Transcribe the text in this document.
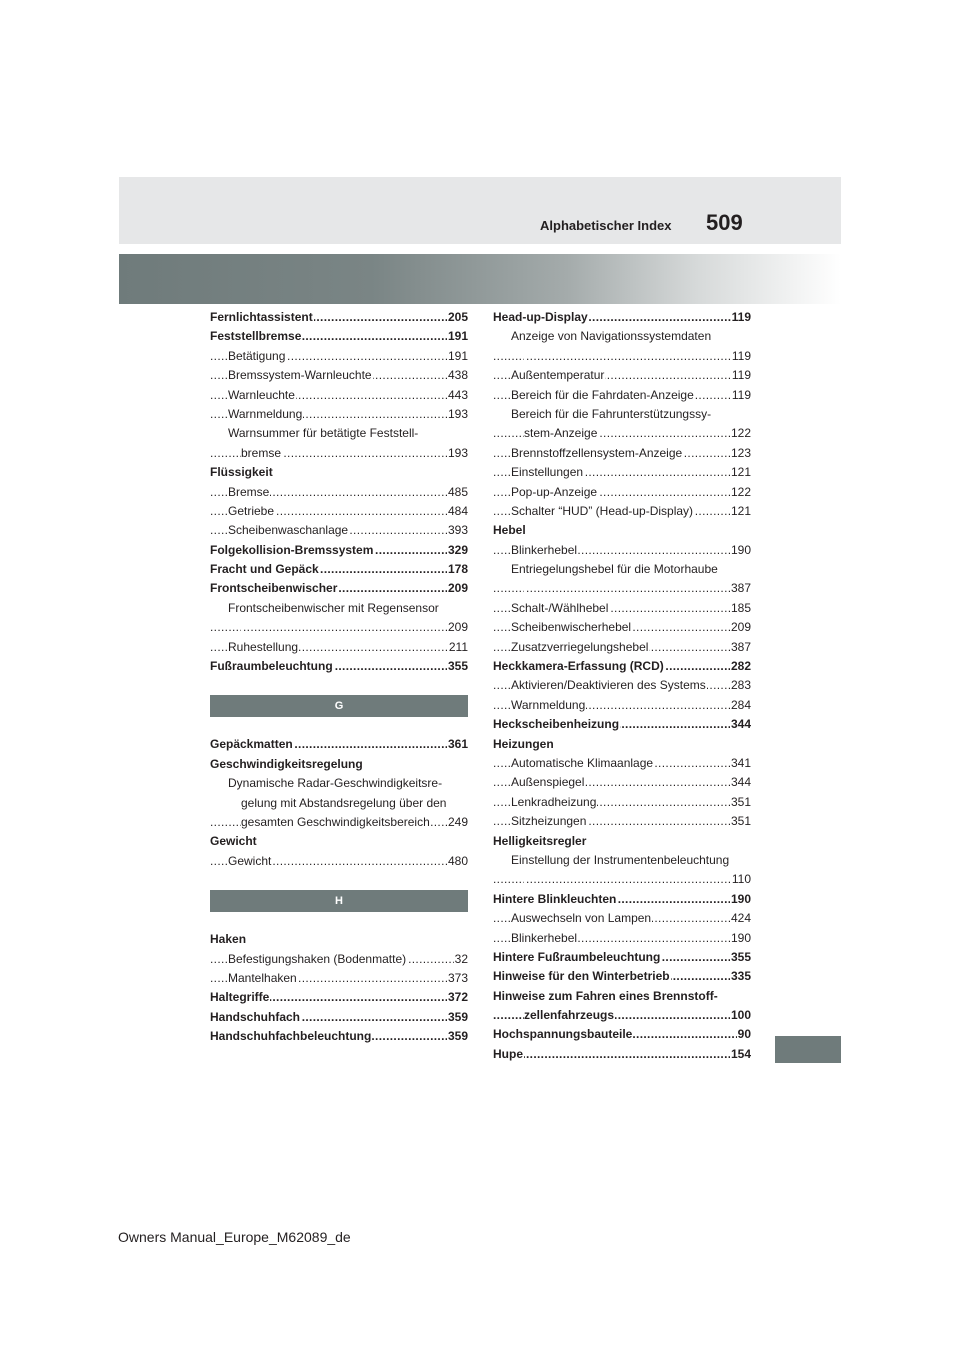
Alphabetischer Index 509
Fernlichtassistent	205
. . .
Feststellbremse	191
. . .
Betätigung	191
. . .
Bremssystem-Warnleuchte	438
. . .
Warnleuchte	443
. . .
Warnmeldung	193
. . .
Warnsummer für betätigte Feststell-
bremse	193
. . .
Flüssigkeit
Bremse	485
. . .
Getriebe	484
. . .
Scheibenwaschanlage	393
. . .
Folgekollision-Bremssystem	329
. . .
Fracht und Gepäck	178
. . .
Frontscheibenwischer	209
. . .
Frontscheibenwischer mit Regensensor
209
. . .
Ruhestellung	211
. . .
Fußraumbeleuchtung	355
. . .
G
Gepäckmatten	361
. . .
Geschwindigkeitsregelung
Dynamische Radar-Geschwindigkeitsre-
gelung mit Abstandsregelung über den
gesamten Geschwindigkeitsbereich 249
. . .
Gewicht
Gewicht	480
. . .
H
Haken
Befestigungshaken (Bodenmatte)	32
. . .
Mantelhaken	373
. . .
Haltegriffe	372
. . .
Handschuhfach	359
. . .
Handschuhfachbeleuchtung	359
. . .
Head-up-Display	119
. . .
Anzeige von Navigationssystemdaten
119
. . .
Außentemperatur	119
. . .
Bereich für die Fahrdaten-Anzeige	119
. . .
Bereich für die Fahrunterstützungssy-
stem-Anzeige	122
. . .
Brennstoffzellensystem-Anzeige	123
. . .
Einstellungen	121
. . .
Pop-up-Anzeige	122
. . .
Schalter “HUD” (Head-up-Display)	121
. . .
Hebel
Blinkerhebel	190
. . .
Entriegelungshebel für die Motorhaube
387
. . .
Schalt-/Wählhebel	185
. . .
Scheibenwischerhebel	209
. . .
Zusatzverriegelungshebel	387
. . .
Heckkamera-Erfassung (RCD)	282
. . .
Aktivieren/Deaktivieren des Systems 283
. . .
Warnmeldung	284
. . .
Heckscheibenheizung	344
. . .
Heizungen
Automatische Klimaanlage	341
. . .
Außenspiegel	344
. . .
Lenkradheizung	351
. . .
Sitzheizungen	351
. . .
Helligkeitsregler
Einstellung der Instrumentenbeleuchtung
110
. . .
Hintere Blinkleuchten	190
. . .
Auswechseln von Lampen	424
. . .
Blinkerhebel	190
. . .
Hintere Fußraumbeleuchtung	355
. . .
Hinweise für den Winterbetrieb	335
. . .
Hinweise zum Fahren eines Brennstoff-
zellenfahrzeugs	100
. . .
Hochspannungsbauteile	90
. . .
Hupe	154
. . .
Owners Manual_Europe_M62089_de
